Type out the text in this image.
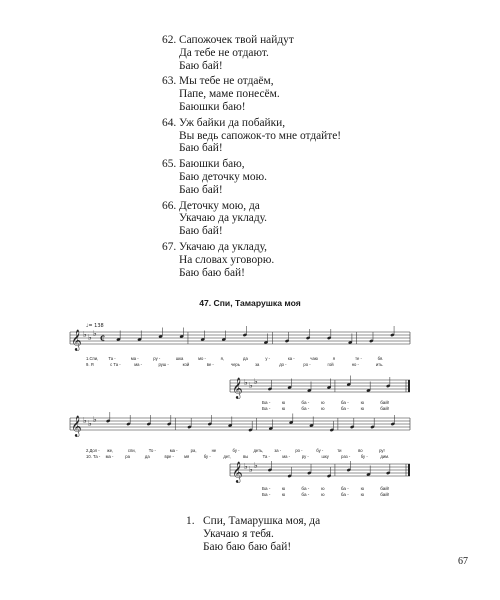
62. Сапожочек твой найдут
Да тебе не отдают.
Баю бай!
63. Мы тебе не отдаём,
Папе, маме понесём.
Баюшки баю!
64. Уж байки да побайки,
Вы ведь сапожок-то мне отдайте!
Баю бай!
65. Баюшки баю,
Баю деточку мою.
Баю бай!
66. Деточку мою, да
Укачаю да укладу.
Баю бай!
67. Укачаю да укладу,
На словах уговорю.
Баю баю бай!
47. Спи, Тамарушка моя
𝄞 ♭ ♭ ♭ ¢
♩= 138
𝄞 ♭ ♭ ♭
𝄞 ♭ ♭ ♭
𝄞 ♭ ♭ ♭
1.Спи, Та -	ма -	ру -	шка	мо -	я,	да	у -	ка -	чаю	я	те -	бя.
9. Я	с Та -	ма -	руш -	кой	ве -	черь	за	до -	ро -	гой	но -	ить.
Ба - ю	ба -	ю	ба -	ю	бай!
Ба - ю	ба -	ю	ба -	ю	бай!
2.Дол - же,	спи,	То -	ма -	ра,	не	бу -	деть,	за -	ро -	бу -	ти	во	ру!
10. Та - ма -	ра	да	вре - мя	бу -	дет,	вы	Та -	ма -	ру -	шку	раз -	бу -	дим.
Ба - ю	ба -	ю	ба -	ю	бай!
Ба - ю	ба -	ю	ба -	ю	бай!
1. Спи, Тамарушка моя, да
Укачаю я тебя.
Баю баю баю бай!
67
